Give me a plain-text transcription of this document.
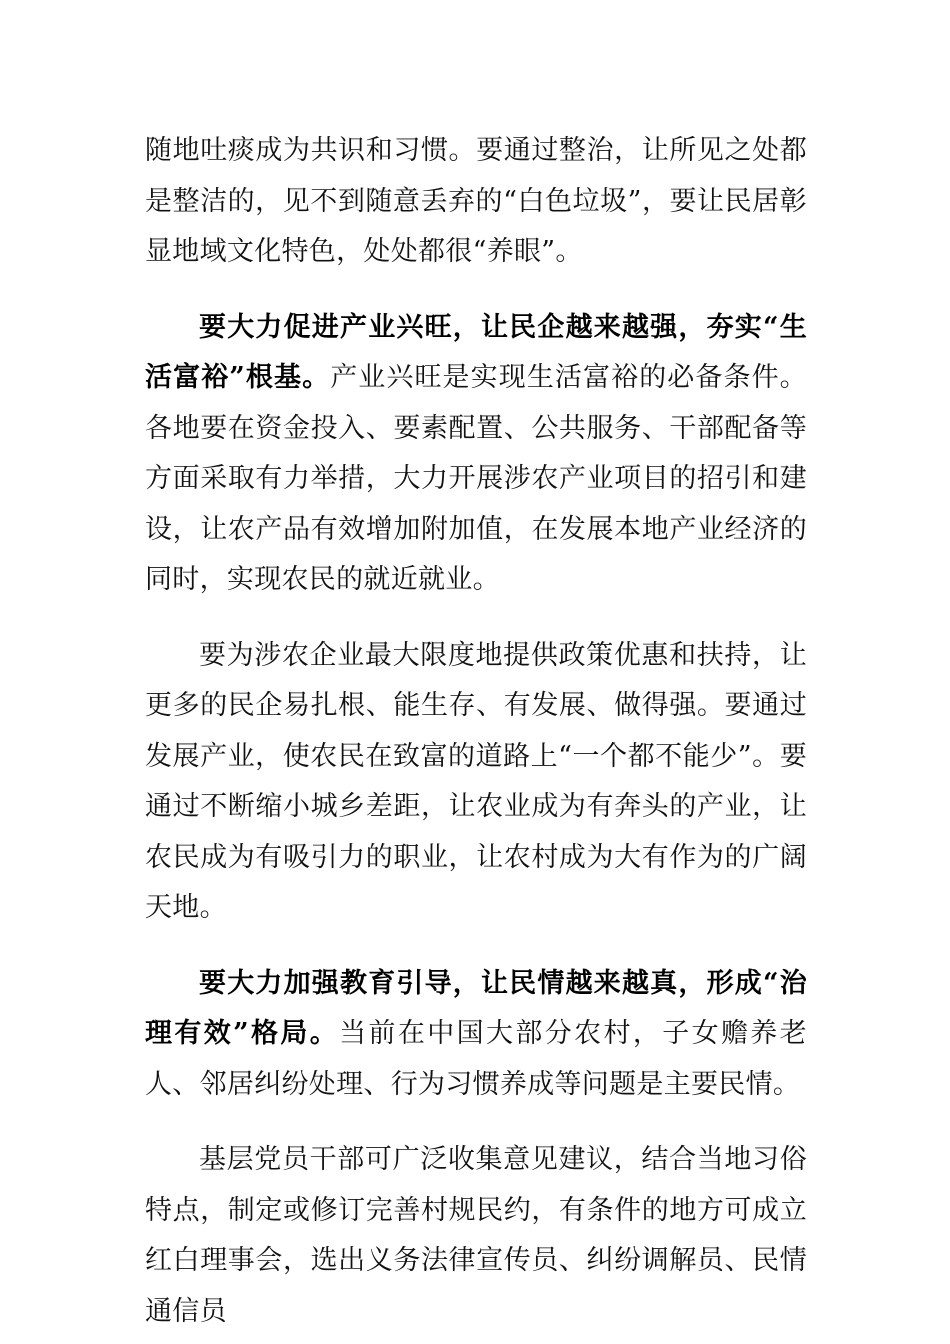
随地吐痰成为共识和习惯。要通过整治，让所见之处都是整洁的，见不到随意丢弃的“白色垃圾”，要让民居彰显地域文化特色，处处都很“养眼”。

要大力促进产业兴旺，让民企越来越强，夯实“生活富裕”根基。产业兴旺是实现生活富裕的必备条件。各地要在资金投入、要素配置、公共服务、干部配备等方面采取有力举措，大力开展涉农产业项目的招引和建设，让农产品有效增加附加值，在发展本地产业经济的同时，实现农民的就近就业。

要为涉农企业最大限度地提供政策优惠和扶持，让更多的民企易扎根、能生存、有发展、做得强。要通过发展产业，使农民在致富的道路上“一个都不能少”。要通过不断缩小城乡差距，让农业成为有奔头的产业，让农民成为有吸引力的职业，让农村成为大有作为的广阔天地。

要大力加强教育引导，让民情越来越真，形成“治理有效”格局。当前在中国大部分农村，子女赡养老人、邻居纠纷处理、行为习惯养成等问题是主要民情。

基层党员干部可广泛收集意见建议，结合当地习俗特点，制定或修订完善村规民约，有条件的地方可成立红白理事会，选出义务法律宣传员、纠纷调解员、民情通信员
